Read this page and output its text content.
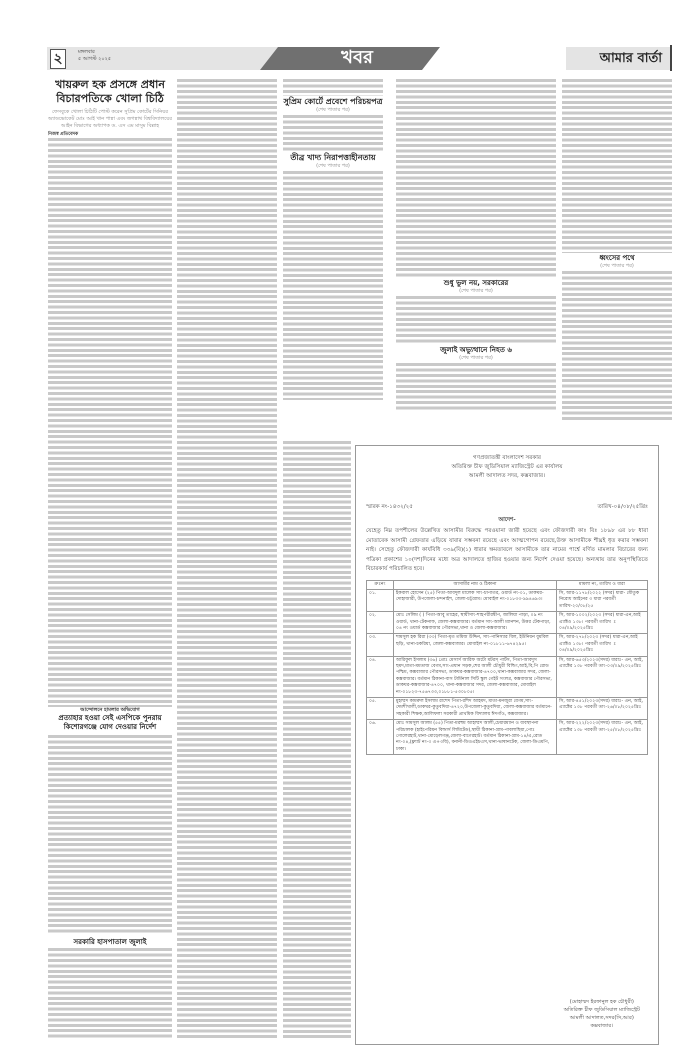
২	মঙ্গলবার
৫ আগস্ট ২০২৫	খবর	আমার বার্তা
খায়রুল হক প্রসঙ্গে প্রধান বিচারপতিকে খোলা চিঠি
ফেসবুকে খোলা চিঠিটি পোস্ট করেন সুপ্রিম কোর্টের সিনিয়র অ্যাডভোকেট মোঃ আই খান পান্না এবং জগন্নাথ বিশ্ববিদ্যালয়ের আইন বিভাগের অধ্যাপক ড. এস এম মাসুম বিল্লাহ
নিজস্ব প্রতিবেদক
আন্দোলনে হামলার অভিযোগ
প্রত্যাহার হওয়া সেই এসপিকে পুনরায় কিশোরগঞ্জে যোগ দেওয়ার নির্দেশ
সরকারি হাসপাতাল জুলাই
সুপ্রিম কোর্টে প্রবেশে পরিচয়পত্র
(শেষ পাতার পর)
তীব্র খাদ্য নিরাপত্তাহীনতায়
(শেষ পাতার পর)
শুধু ভুল নয়, সরকারের
(শেষ পাতার পর)
জুলাই অভ্যুত্থানে নিহত ৬
(শেষ পাতার পর)
ধ্বংসের পথে
(শেষ পাতার পর)
গণপ্রজাতন্ত্রী বাংলাদেশ সরকার
অতিরিক্ত চীফ জুডিসিয়াল ম্যাজিস্ট্রেট এর কার্যালয়
আমলী আদালত সদর, কক্সবাজার।
স্মারক নং-১৪৩২/২৫	তারিখ-০৪/০৮/২৫খ্রিঃ
আদেশ-
যেহেতু নিম্ন তপশীলের উল্লেখিত আসামীর বিরুদ্ধে পরওয়ানা জারী হয়েছে এবং ফৌজদারী কাঃ বিঃ ১৮৯৮ এর ৮৮ ধারা মোতাবেক আসামী গ্রেফতার এড়িয়ে যাবার সম্ভবনা রয়েছে এবং আত্মগোপন রয়েছে,উক্ত আসামীকে শীঘ্রই ধৃত করার সম্ভবনা নাই। সেহেতু ফৌজদারী কার্যবিধি ৩৩৯(বি)(১) ধারার ক্ষমতাবলে আসামীকে তার নামের পার্শ্বে বর্ণিত মামলার বিচারের জন্য পত্রিকা প্রকাশের ১০(দশ)দিনের মধ্যে অত্র আদালতে হাজির হওয়ার জন্য নির্দেশ দেওয়া হয়েছে। অন্যথায় তার অনুপস্থিতিতে বিচারকার্য পরিচালিত হবে।
ক্রঃনং	আসামীর নাম ও ঠিকানা	মামলা নং, তারিখ ও ধারা
০১.	ইকবাল হোসেন (২৫) পিতা-আবদুল মালেক সাং-চাপাতর, ওয়ার্ড নং-০১, ডাকঘর-দোহাজারী, উপজেলা-চন্দনাইশ, জেলা-চট্টগ্রাম। মোবাইল নং-০১৮৩৩-৯৯৪৬৯৩।	সি, আর-১১৭৮/২০২২ (সদর) ধারা- যৌতুক নিরোধ আইনের ৩ ধারা পরবর্তী তারিখ-২০/০৮/২৫
০২.	মোঃ সেলিম ( ) পিতা-আবু তাহের, স্থায়ীসাং-শাহপরীরদ্বীপ, জালিয়া পাড়া, ০৯ নং ওয়ার্ড, থানা-টেকনাফ, জেলা-কক্সবাজার। বর্তমান সাং-আলী ম্যানশন, উত্তর টেকপাড়া, ০৪ নং ওয়ার্ড কক্সবাজার পৌরসভা,থানা ও জেলা-কক্সবাজার।	সি, আর-১০০২/২০২৩ (সদর) ধারা-এন,আই এ্যাক্টও ১৩৮। পরবর্তী তারিখ-ঃ ০৪/০৯/২০২৫খ্রিঃ
০৩.	শামসুল হক রিরা (৩৩) পিতা-মৃত তমিজ উদ্দিন, সাং-পানিস্যার বিল, ইউনিয়ন বুমবিল ছড়ি, থানা-চকরিয়া, জেলা-কক্সবাজার। মোবাইল নং-০১৮১১-৬৭৪২৯৫।	সি, আর-২৭৮/২০২৩ (সদর) ধারা-এন,আই এ্যাক্টও ১৩৮। পরবর্তী তারিখ-ঃ ০৪/০৯/২০২৫খ্রিঃ
০৪.	আরিফুল ইসলাম (৩৬) প্রোঃ মেসার্স আরিফ অটো মটরস্ পার্টস, পিতা-আবদুস ছমদ,মাতা-মমতাজ বেগম,সাং-প্রধান সড়ক,শের আলী চৌধুরী বিল্ডিং,আই,বি,পি রোড পশ্চিম, কক্সবাজার পৌরসভা, ডাকঘর-কক্সবাজার-৪৭০০,থানা-কক্সবাজার সদর, জেলা-কক্সবাজার। বর্তমান ঠিকানা-বাস টার্মিনাল সিটি স্কুল গেইট সংলগ্ন, কক্সবাজার পৌরসভা, ডাকঘর-কক্সবাজার-৪৭০০, থানা-কক্সবাজার সদর, জেলা-কক্সবাজার, মোবাইল নং-০১৮২৩-৭৫৬৭৩৩,০১৮৮১-৫৩০৮০৫।	সি, আর-৬৫৩/২০২৩(সদর) ধারাঃ- এন, আই, এ্যাক্টের ১৩৮ পরবর্তী তাং-০৩/০৯/২০২৫খ্রিঃ
০৫.	মুহাম্মদ কামরুল ইসলাম রাশেদ পিতা-রশিদ আহমদ, মাতা-মনজুরা বেগম,সাং-দেমশীখালী,ডাকঘর-কুতুবদিয়া-৪৭২০,উপজেলা-কুতুবদিয়া, জেলা-কক্সবাজার বর্তমানে-সহকারী শিক্ষক,আলিফলা সরকারী প্রাথমিক বিদ্যালয় ঈদগাঁও, কক্সবাজার।	সি, আর-৪৫১/২০২৩(সদর) ধারাঃ- এন, আই, এ্যাক্টের ১৩৮ পরবর্তী তাং-২৬/০৮/২০২৫খ্রিঃ
০৬.	মোঃ সামসুল আলম (৫৫) পিতা-মরহুম আহাম্মদ আলী,চেয়ারম্যান ও ব্যবস্থাপনা পরিচালক (হাইপেরিয়ন বিল্ডার্স লিমিটেড),স্থায়ী ঠিকানা-গ্রাম-পাবলাছিয়া,পোঃ গোলেরহাট,থানা-মোড়েলগঞ্জ,জেলা-বাগেরহাট। বর্তমান ঠিকানা-গ্রাম-১৪/এ,রোড নং-০৪,(ফ্ল্যাট নং-৩ এ+৩বি), বনানী-ডিওএইচএস,থানা-ভাষানটেক, জেলা-ডিএমপি, ঢাকা।	সি, আর-২২২/২০২৩(সদর) ধারাঃ- এন, আই, এ্যাক্টের ১৩৮ পরবর্তী তাং-২৫/০৮/২০২৫খ্রিঃ
(মোহাম্মদ ইরফানুল হক চৌধুরী)
অতিরিক্ত চীফ জুডিসিয়াল ম্যাজিস্ট্রেট
আমলী আদালত,সদর(সি,আর)
কক্সবাজার।
